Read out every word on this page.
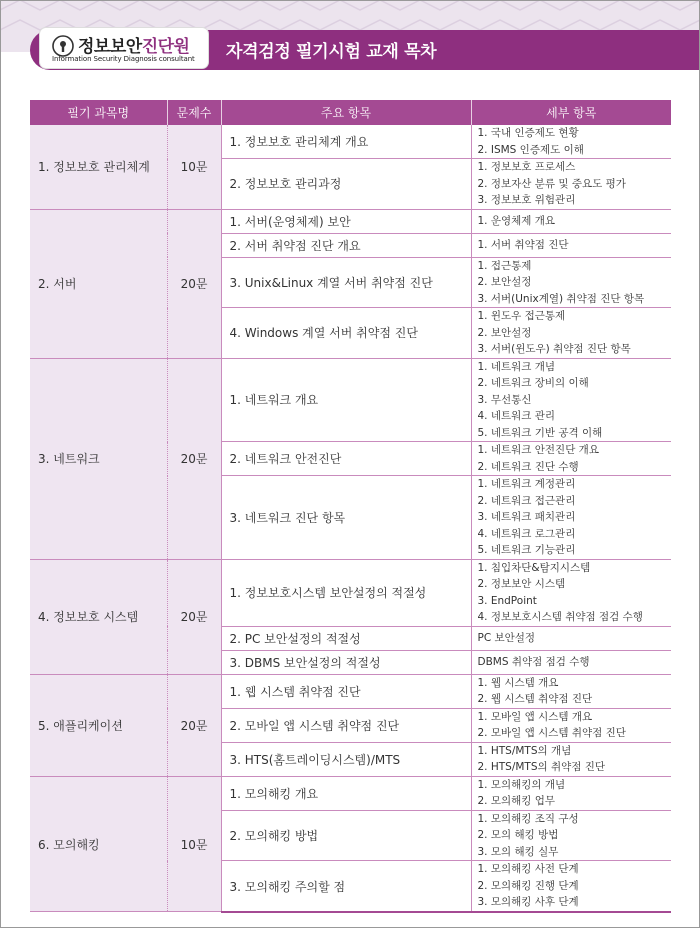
정보보안진단원
Information Security Diagnosis consultant 자격검정 필기시험 교재 목차
필기 과목명	문제수	주요 항목	세부 항목
1. 정보보호 관리체계	10문	1. 정보보호 관리체계 개요	1. 국내 인증제도 현황
2. ISMS 인증제도 이해

		2. 정보보호 관리과정	1. 정보보호 프로세스
2. 정보자산 분류 및 중요도 평가
3. 정보보호 위험관리

2. 서버	20문	1. 서버(운영체제) 보안	1. 운영체제 개요

		2. 서버 취약점 진단 개요	1. 서버 취약점 진단

		3. Unix&Linux 계열 서버 취약점 진단	1. 접근통제
2. 보안설정
3. 서버(Unix계열) 취약점 진단 항목

		4. Windows 계열 서버 취약점 진단	1. 윈도우 접근통제
2. 보안설정
3. 서버(윈도우) 취약점 진단 항목

3. 네트워크	20문	1. 네트워크 개요	1. 네트워크 개념
2. 네트워크 장비의 이해
3. 무선통신
4. 네트워크 관리
5. 네트워크 기반 공격 이해

		2. 네트워크 안전진단	1. 네트워크 안전진단 개요
2. 네트워크 진단 수행

		3. 네트워크 진단 항목	1. 네트워크 계정관리
2. 네트워크 접근관리
3. 네트워크 패치관리
4. 네트워크 로그관리
5. 네트워크 기능관리

4. 정보보호 시스템	20문	1. 정보보호시스템 보안설정의 적절성	1. 침입차단&탐지시스템
2. 정보보안 시스템
3. EndPoint
4. 정보보호시스템 취약점 점검 수행

		2. PC 보안설정의 적절성	PC 보안설정

		3. DBMS 보안설정의 적절성	DBMS 취약점 점검 수행

5. 애플리케이션	20문	1. 웹 시스템 취약점 진단	1. 웹 시스템 개요
2. 웹 시스템 취약점 진단

		2. 모바일 앱 시스템 취약점 진단	1. 모바일 앱 시스템 개요
2. 모바일 앱 시스템 취약점 진단

		3. HTS(홈트레이딩시스템)/MTS	1. HTS/MTS의 개념
2. HTS/MTS의 취약점 진단

6. 모의해킹	10문	1. 모의해킹 개요	1. 모의해킹의 개념
2. 모의해킹 업무

		2. 모의해킹 방법	1. 모의해킹 조직 구성
2. 모의 해킹 방법
3. 모의 해킹 실무

		3. 모의해킹 주의할 점	1. 모의해킹 사전 단계
2. 모의해킹 진행 단계
3. 모의해킹 사후 단계
